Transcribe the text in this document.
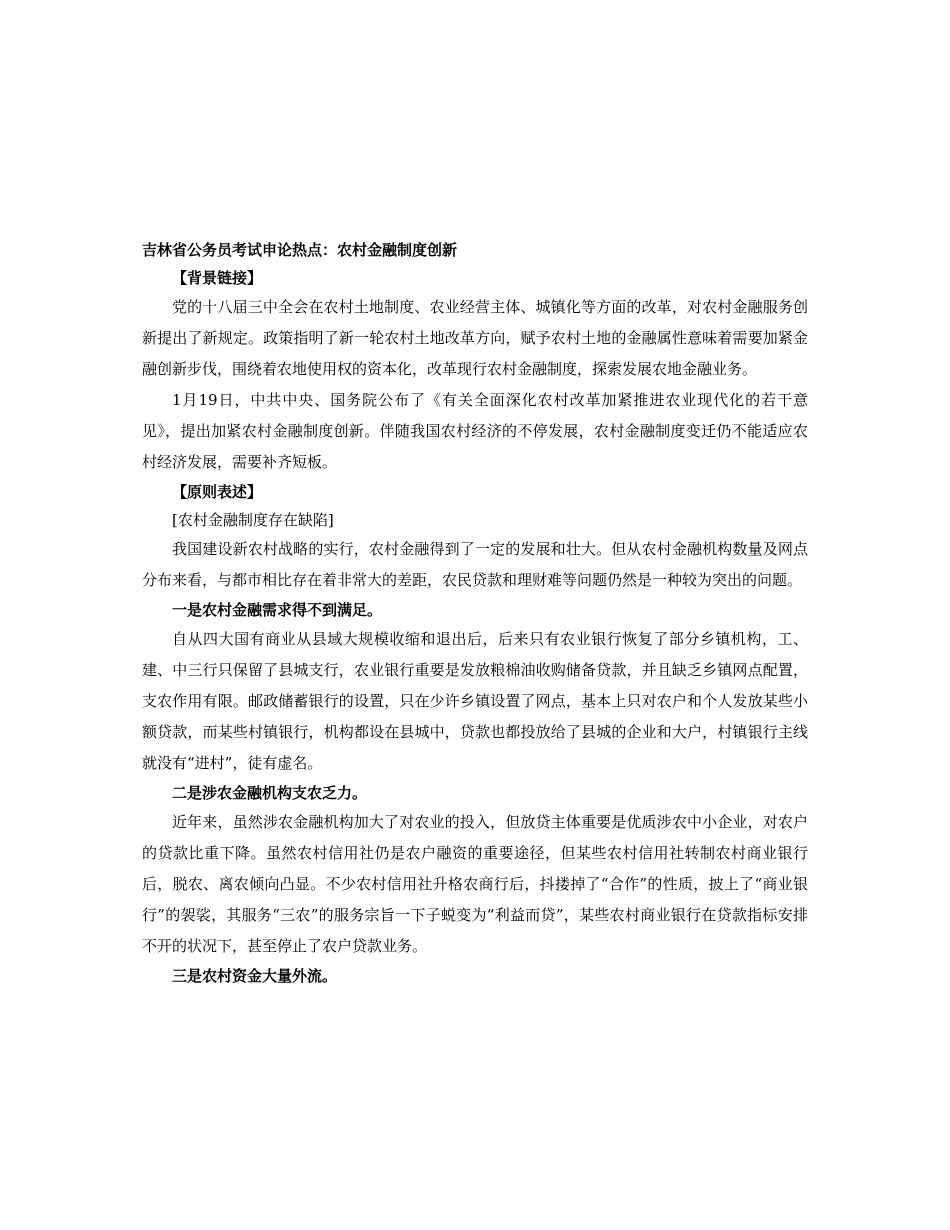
吉林省公务员考试申论热点：农村金融制度创新
【背景链接】

党的十八届三中全会在农村土地制度、农业经营主体、城镇化等方面的改革，对农村金融服务创新提出了新规定。政策指明了新一轮农村土地改革方向，赋予农村土地的金融属性意味着需要加紧金融创新步伐，围绕着农地使用权的资本化，改革现行农村金融制度，探索发展农地金融业务。

1月19日，中共中央、国务院公布了《有关全面深化农村改革加紧推进农业现代化的若干意见》，提出加紧农村金融制度创新。伴随我国农村经济的不停发展，农村金融制度变迁仍不能适应农村经济发展，需要补齐短板。

【原则表述】
[农村金融制度存在缺陷]

我国建设新农村战略的实行，农村金融得到了一定的发展和壮大。但从农村金融机构数量及网点分布来看，与都市相比存在着非常大的差距，农民贷款和理财难等问题仍然是一种较为突出的问题。

一是农村金融需求得不到满足。

自从四大国有商业从县域大规模收缩和退出后，后来只有农业银行恢复了部分乡镇机构，工、建、中三行只保留了县城支行，农业银行重要是发放粮棉油收购储备贷款，并且缺乏乡镇网点配置，支农作用有限。邮政储蓄银行的设置，只在少许乡镇设置了网点，基本上只对农户和个人发放某些小额贷款，而某些村镇银行，机构都设在县城中，贷款也都投放给了县城的企业和大户，村镇银行主线就没有“进村”，徒有虚名。

二是涉农金融机构支农乏力。

近年来，虽然涉农金融机构加大了对农业的投入，但放贷主体重要是优质涉农中小企业，对农户的贷款比重下降。虽然农村信用社仍是农户融资的重要途径，但某些农村信用社转制农村商业银行后，脱农、离农倾向凸显。不少农村信用社升格农商行后，抖搂掉了“合作”的性质，披上了“商业银行”的袈裟，其服务“三农”的服务宗旨一下子蜕变为“利益而贷”，某些农村商业银行在贷款指标安排不开的状况下，甚至停止了农户贷款业务。

三是农村资金大量外流。
